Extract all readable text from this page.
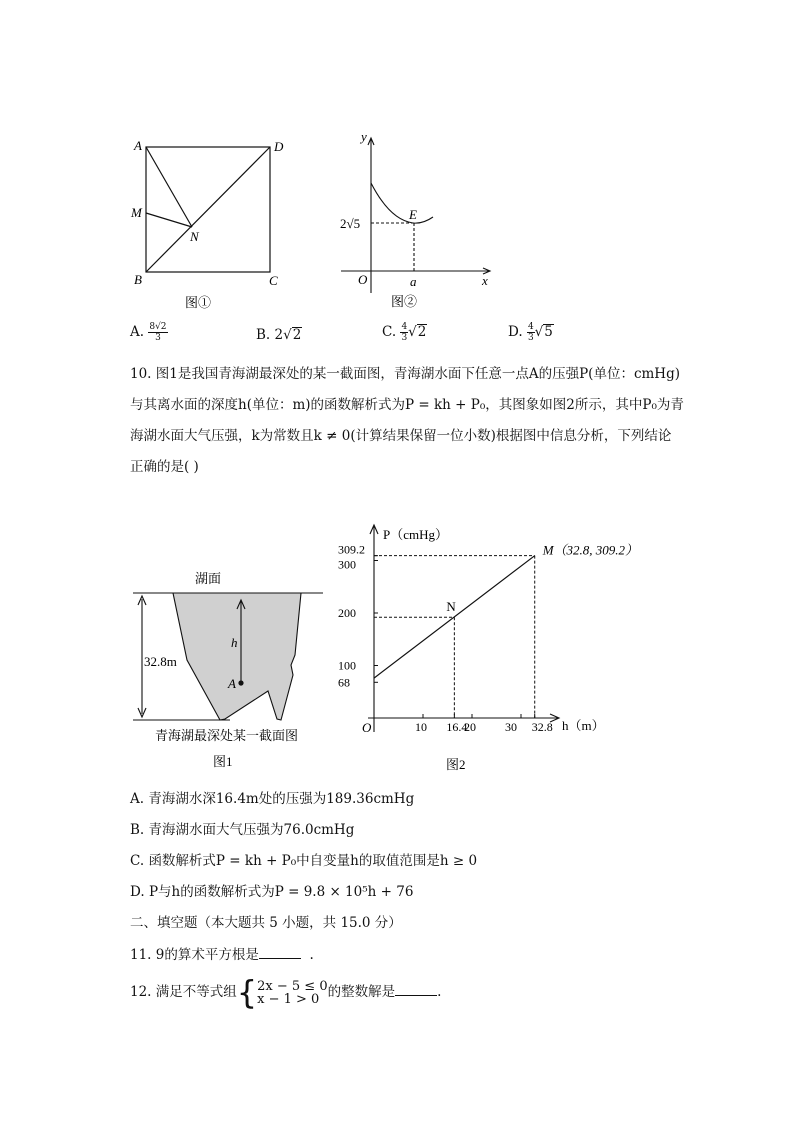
A	D
M
N
B	C
图①
y
x
O
E
a
2√5
图②
A. $\frac{8√2}{3}$	B. 2√2	C. $\frac{4}{3} √2$	D. $\frac{4}{3} √5$
10. 图1是我国青海湖最深处的某一截面图，青海湖水面下任意一点A的压强P(单位：cmHg)
与其离水面的深度h(单位：m)的函数解析式为P = kh + P₀，其图象如图2所示，其中P₀为青
海湖水面大气压强，k为常数且k ≠ 0(计算结果保留一位小数)根据图中信息分析，下列结论
正确的是( )
湖面
32.8m
h
A
青海湖最深处某一截面图
图1
P（cmHg）
h（m）
O	10 16.4
20 30 32.8
68
100
200
300
309.2
N
M（32.8, 309.2）
图2
A. 青海湖水深16.4m处的压强为189.36cmHg
B. 青海湖水面大气压强为76.0cmHg
C. 函数解析式P = kh + P₀中自变量h的取值范围是h ≥ 0
D. P与h的函数解析式为P = 9.8 × 10⁵h + 76
二、填空题（本大题共 5 小题，共 15.0 分）
11. 9的算术平方根是	.
12. 满足不等式组{ 2x − 5 ≤ 0
x − 1 > 0 的整数解是	.
